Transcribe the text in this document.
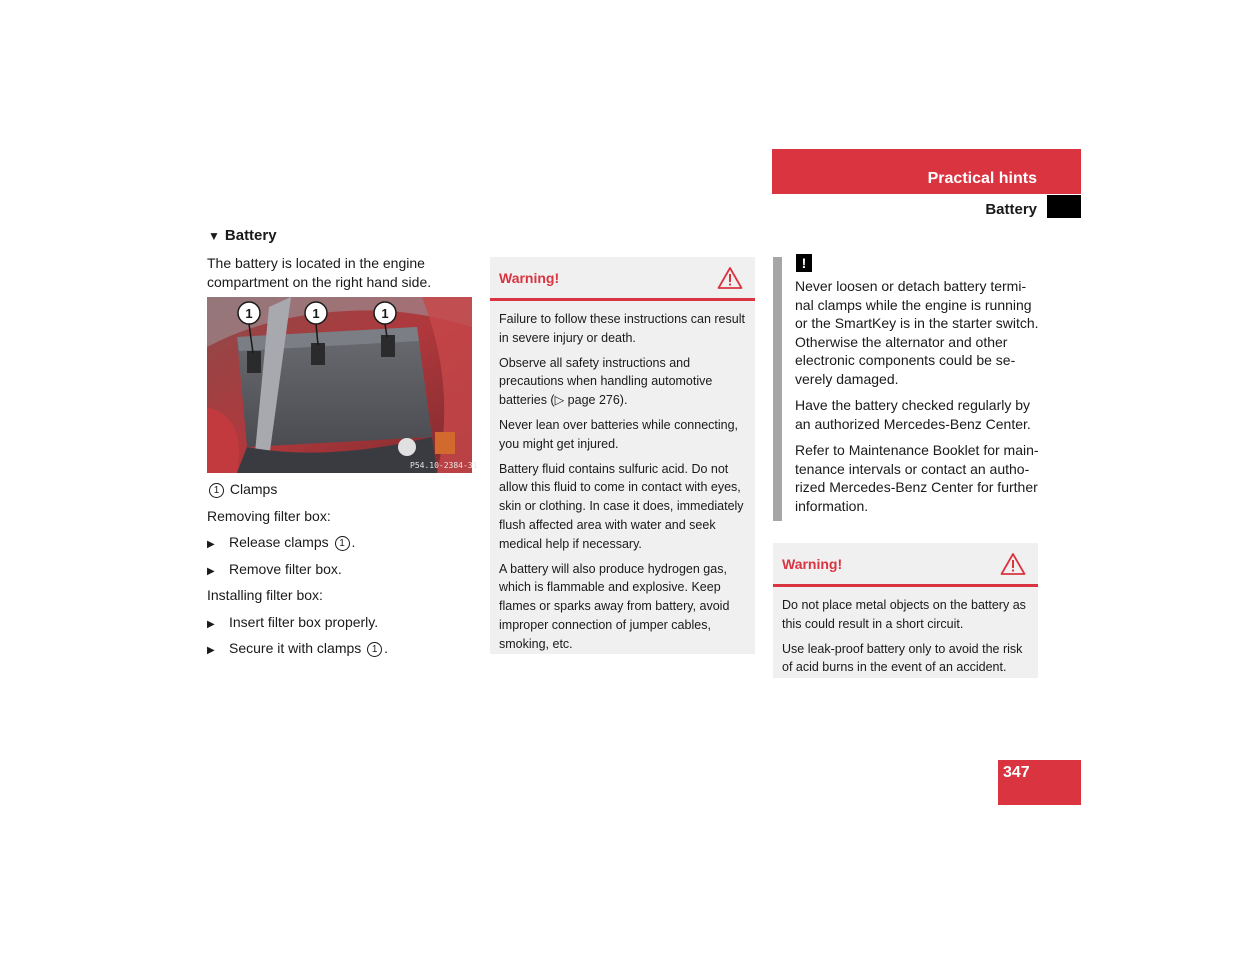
Practical hints
Battery
▼ Battery
The battery is located in the engine compartment on the right hand side.
1	1	1
P54.10-2384-31
1 Clamps
Removing filter box:
▶ Release clamps 1 .
▶ Remove filter box.
Installing filter box:
▶ Insert filter box properly.
▶ Secure it with clamps 1 .
Warning!

Failure to follow these instructions can result in severe injury or death.

Observe all safety instructions and precautions when handling automotive batteries (▷ page 276).

Never lean over batteries while connecting, you might get injured.

Battery fluid contains sulfuric acid. Do not allow this fluid to come in contact with eyes, skin or clothing. In case it does, immediately flush affected area with water and seek medical help if necessary.

A battery will also produce hydrogen gas, which is flammable and explosive. Keep flames or sparks away from battery, avoid improper connection of jumper cables, smoking, etc.

!

Never loosen or detach battery termi-nal clamps while the engine is running or the SmartKey is in the starter switch. Otherwise the alternator and other electronic components could be se-verely damaged.

Have the battery checked regularly by an authorized Mercedes-Benz Center.

Refer to Maintenance Booklet for main-tenance intervals or contact an autho-rized Mercedes-Benz Center for further information.

Warning!

Do not place metal objects on the battery as this could result in a short circuit.

Use leak-proof battery only to avoid the risk of acid burns in the event of an accident.

347
